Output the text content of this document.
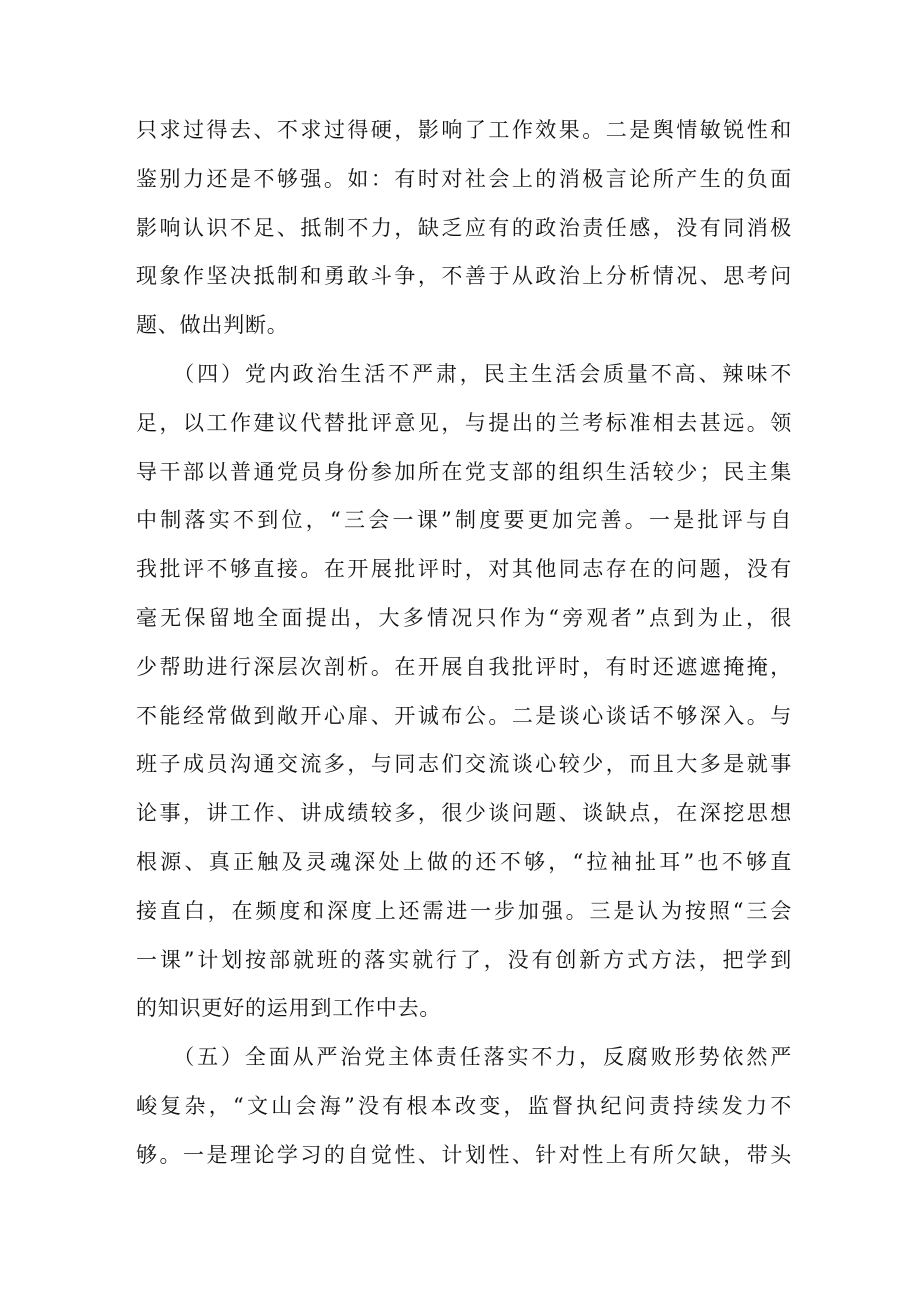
只求过得去、不求过得硬，影响了工作效果。二是舆情敏锐性和
鉴别力还是不够强。如：有时对社会上的消极言论所产生的负面
影响认识不足、抵制不力，缺乏应有的政治责任感，没有同消极
现象作坚决抵制和勇敢斗争，不善于从政治上分析情况、思考问
题、做出判断。
　　（四）党内政治生活不严肃，民主生活会质量不高、辣味不
足，以工作建议代替批评意见，与提出的兰考标准相去甚远。领
导干部以普通党员身份参加所在党支部的组织生活较少；民主集
中制落实不到位，“三会一课”制度要更加完善。一是批评与自
我批评不够直接。在开展批评时，对其他同志存在的问题，没有
毫无保留地全面提出，大多情况只作为“旁观者”点到为止，很
少帮助进行深层次剖析。在开展自我批评时，有时还遮遮掩掩，
不能经常做到敞开心扉、开诚布公。二是谈心谈话不够深入。与
班子成员沟通交流多，与同志们交流谈心较少，而且大多是就事
论事，讲工作、讲成绩较多，很少谈问题、谈缺点，在深挖思想
根源、真正触及灵魂深处上做的还不够，“拉袖扯耳”也不够直
接直白，在频度和深度上还需进一步加强。三是认为按照“三会
一课”计划按部就班的落实就行了，没有创新方式方法，把学到
的知识更好的运用到工作中去。
　　（五）全面从严治党主体责任落实不力，反腐败形势依然严
峻复杂，“文山会海”没有根本改变，监督执纪问责持续发力不
够。一是理论学习的自觉性、计划性、针对性上有所欠缺，带头
